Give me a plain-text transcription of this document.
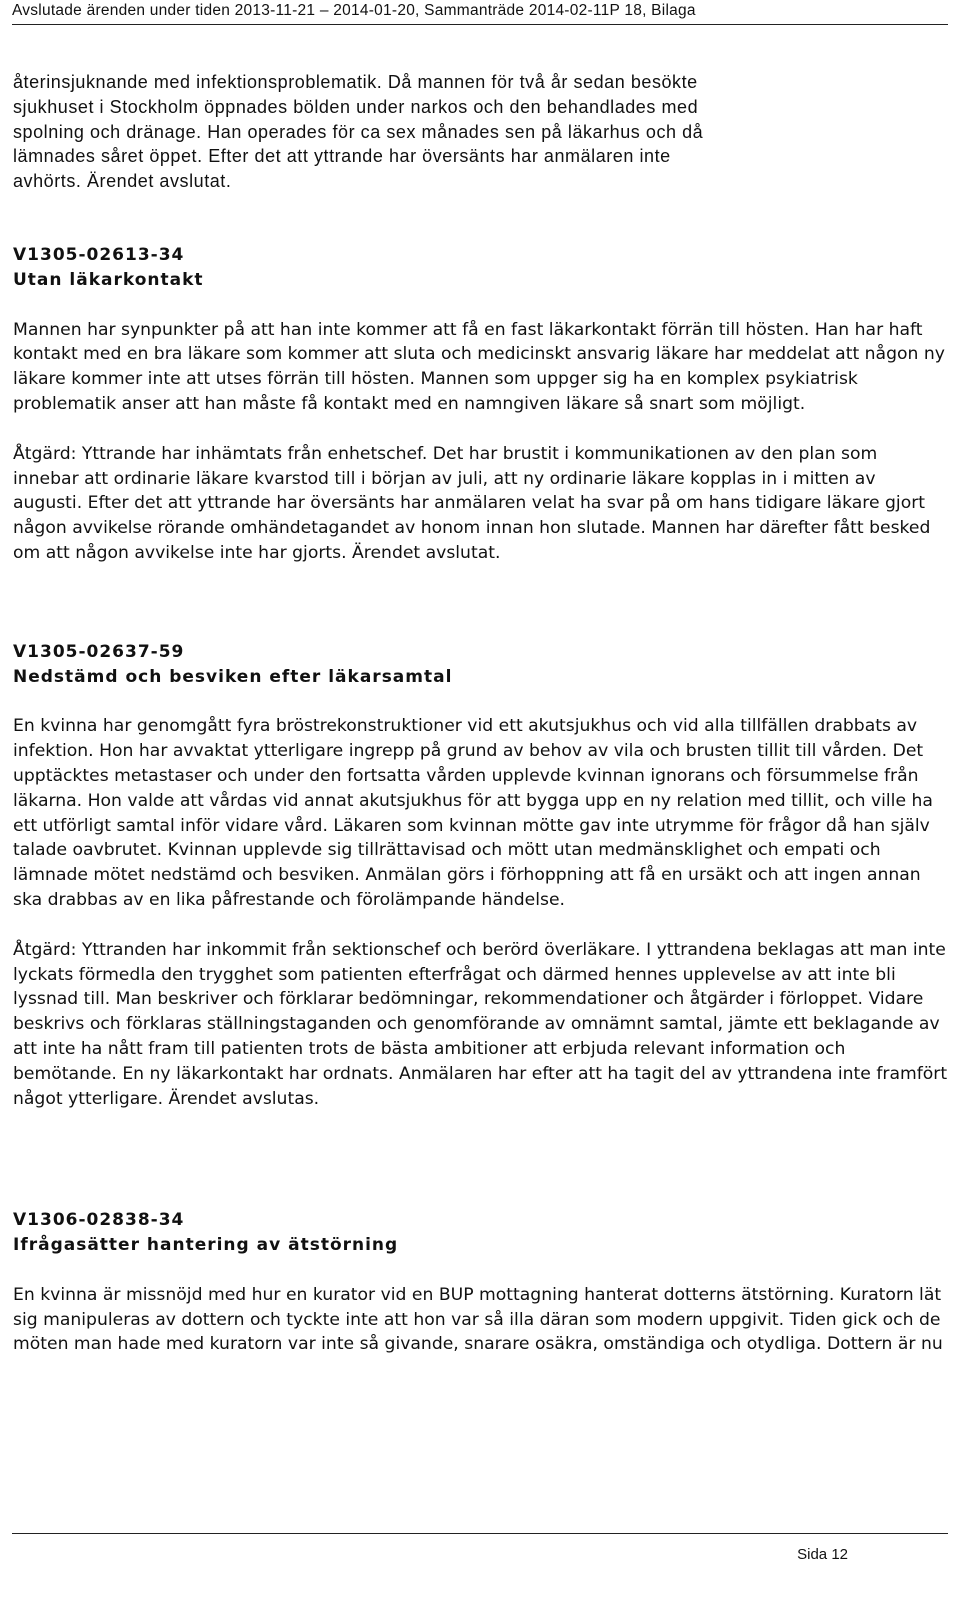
Avslutade ärenden under tiden 2013-11-21 – 2014-01-20, Sammanträde 2014-02-11P 18, Bilaga
återinsjuknande med infektionsproblematik. Då mannen för två år sedan besökte
sjukhuset i Stockholm öppnades bölden under narkos och den behandlades med
spolning och dränage. Han operades för ca sex månades sen på läkarhus och då
lämnades såret öppet. Efter det att yttrande har översänts har anmälaren inte
avhörts. Ärendet avslutat.
V1305-02613-34
Utan läkarkontakt

Mannen har synpunkter på att han inte kommer att få en fast läkarkontakt förrän till hösten. Han har haft kontakt med en bra läkare som kommer att sluta och medicinskt ansvarig läkare har meddelat att någon ny läkare kommer inte att utses förrän till hösten. Mannen som uppger sig ha en komplex psykiatrisk problematik anser att han måste få kontakt med en namngiven läkare så snart som möjligt.

Åtgärd: Yttrande har inhämtats från enhetschef. Det har brustit i kommunikationen av den plan som innebar att ordinarie läkare kvarstod till i början av juli, att ny ordinarie läkare kopplas in i mitten av augusti. Efter det att yttrande har översänts har anmälaren velat ha svar på om hans tidigare läkare gjort någon avvikelse rörande omhändetagandet av honom innan hon slutade. Mannen har därefter fått besked om att någon avvikelse inte har gjorts. Ärendet avslutat.

V1305-02637-59
Nedstämd och besviken efter läkarsamtal

En kvinna har genomgått fyra bröstrekonstruktioner vid ett akutsjukhus och vid alla tillfällen drabbats av infektion. Hon har avvaktat ytterligare ingrepp på grund av behov av vila och brusten tillit till vården. Det upptäcktes metastaser och under den fortsatta vården upplevde kvinnan ignorans och försummelse från läkarna. Hon valde att vårdas vid annat akutsjukhus för att bygga upp en ny relation med tillit, och ville ha ett utförligt samtal inför vidare vård. Läkaren som kvinnan mötte gav inte utrymme för frågor då han själv talade oavbrutet. Kvinnan upplevde sig tillrättavisad och mött utan medmänsklighet och empati och lämnade mötet nedstämd och besviken. Anmälan görs i förhoppning att få en ursäkt och att ingen annan ska drabbas av en lika påfrestande och förolämpande händelse.

Åtgärd: Yttranden har inkommit från sektionschef och berörd överläkare. I yttrandena beklagas att man inte lyckats förmedla den trygghet som patienten efterfrågat och därmed hennes upplevelse av att inte bli lyssnad till. Man beskriver och förklarar bedömningar, rekommendationer och åtgärder i förloppet. Vidare beskrivs och förklaras ställningstaganden och genomförande av omnämnt samtal, jämte ett beklagande av att inte ha nått fram till patienten trots de bästa ambitioner att erbjuda relevant information och bemötande. En ny läkarkontakt har ordnats. Anmälaren har efter att ha tagit del av yttrandena inte framfört något ytterligare. Ärendet avslutas.

V1306-02838-34
Ifrågasätter hantering av ätstörning

En kvinna är missnöjd med hur en kurator vid en BUP mottagning hanterat dotterns ätstörning. Kuratorn lät sig manipuleras av dottern och tyckte inte att hon var så illa däran som modern uppgivit. Tiden gick och de möten man hade med kuratorn var inte så givande, snarare osäkra, omständiga och otydliga. Dottern är nu

Sida 12
